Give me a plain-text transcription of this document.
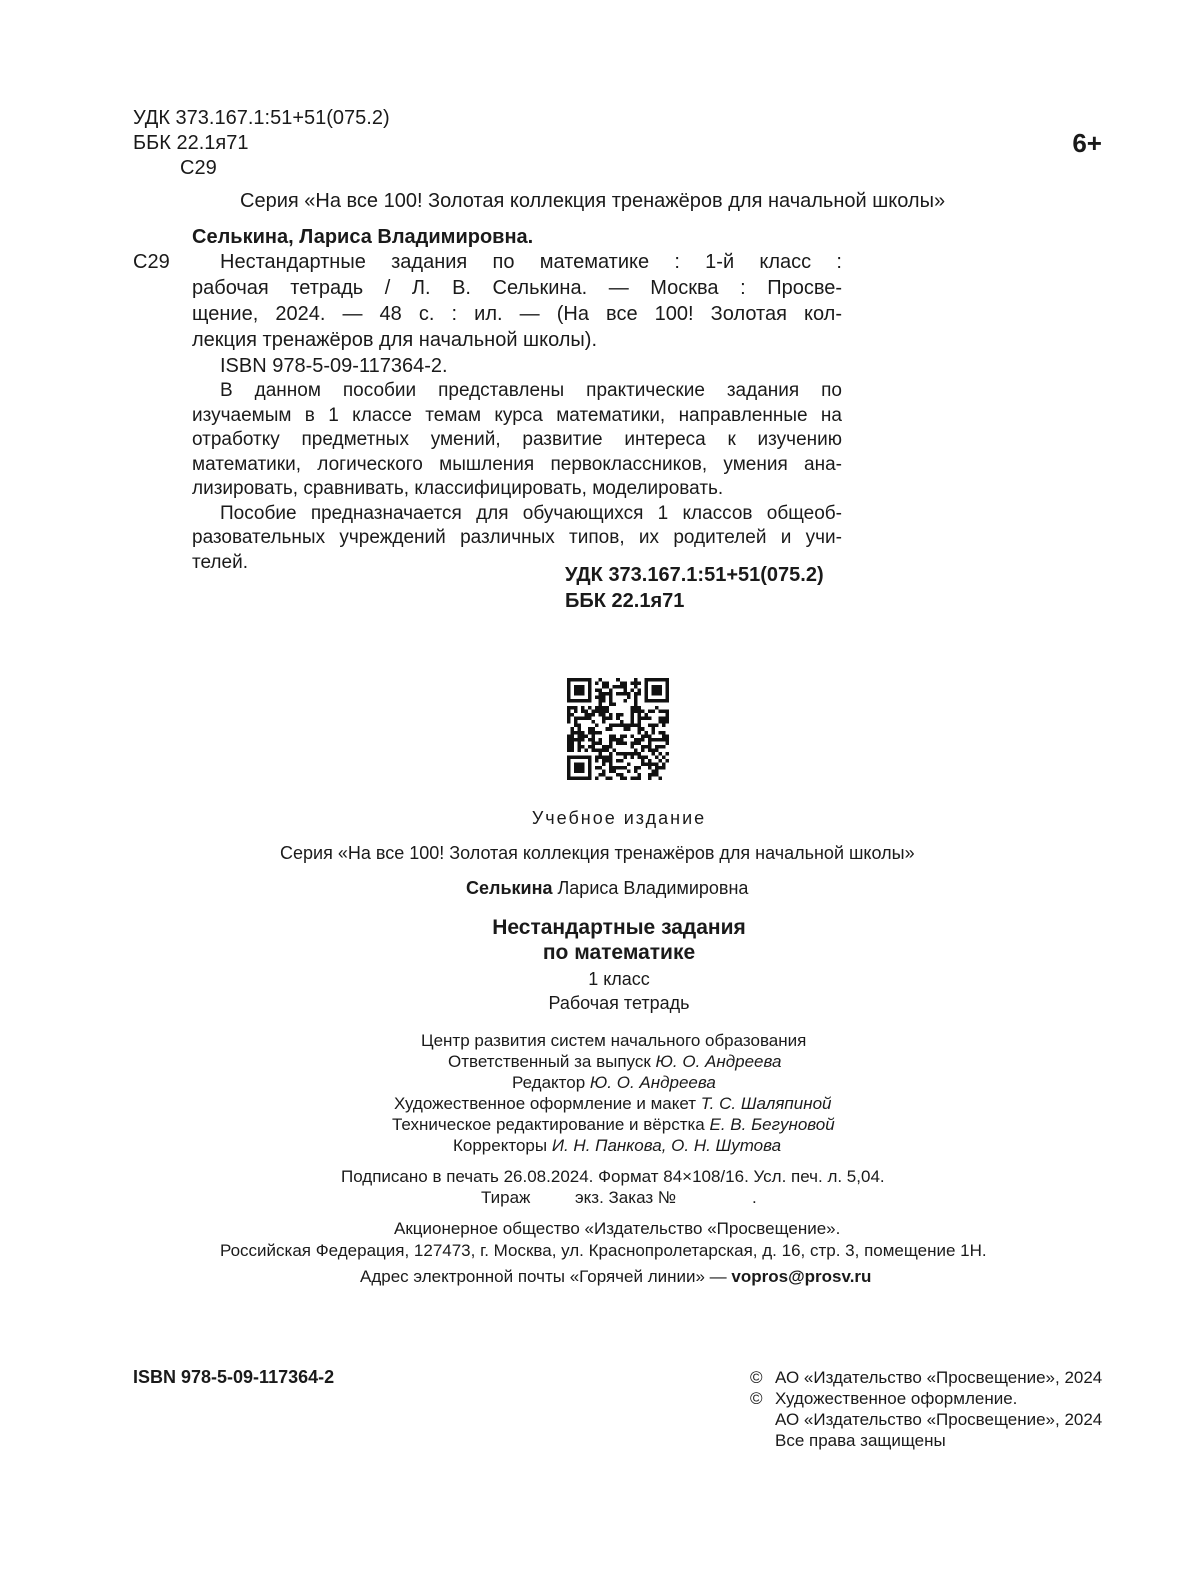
УДК 373.167.1:51+51(075.2)
ББК 22.1я71
С29
6+
Серия «На все 100! Золотая коллекция тренажёров для начальной школы»
Селькина, Лариса Владимировна.
С29	Нестандартные задания по математике : 1-й класс :
рабочая тетрадь / Л. В. Селькина. — Москва : Просве-
щение, 2024. — 48 с. : ил. — (На все 100! Золотая кол-
лекция тренажёров для начальной школы).
ISBN 978-5-09-117364-2.
В данном пособии представлены практические задания по
изучаемым в 1 классе темам курса математики, направленные на
отработку предметных умений, развитие интереса к изучению
математики, логического мышления первоклассников, умения ана-
лизировать, сравнивать, классифицировать, моделировать.
Пособие предназначается для обучающихся 1 классов общеоб-
разовательных учреждений различных типов, их родителей и учи-
телей.
УДК 373.167.1:51+51(075.2)
ББК 22.1я71
Учебное издание
Серия «На все 100! Золотая коллекция тренажёров для начальной школы»
Селькина Лариса Владимировна
Нестандартные задания
по математике
1 класс
Рабочая тетрадь
Центр развития систем начального образования
Ответственный за выпуск Ю. О. Андреева
Редактор Ю. О. Андреева
Художественное оформление и макет Т. С. Шаляпиной
Техническое редактирование и вёрстка Е. В. Бегуновой
Корректоры И. Н. Панкова, О. Н. Шутова
Подписано в печать 26.08.2024. Формат 84×108/16. Усл. печ. л. 5,04.
Тираж	экз. Заказ №	.
Акционерное общество «Издательство «Просвещение».
Российская Федерация, 127473, г. Москва, ул. Краснопролетарская, д. 16, стр. 3, помещение 1Н.
Адрес электронной почты «Горячей линии» — vopros@prosv.ru
ISBN 978-5-09-117364-2	© АО «Издательство «Просвещение», 2024
© Художественное оформление.
АО «Издательство «Просвещение», 2024
Все права защищены
